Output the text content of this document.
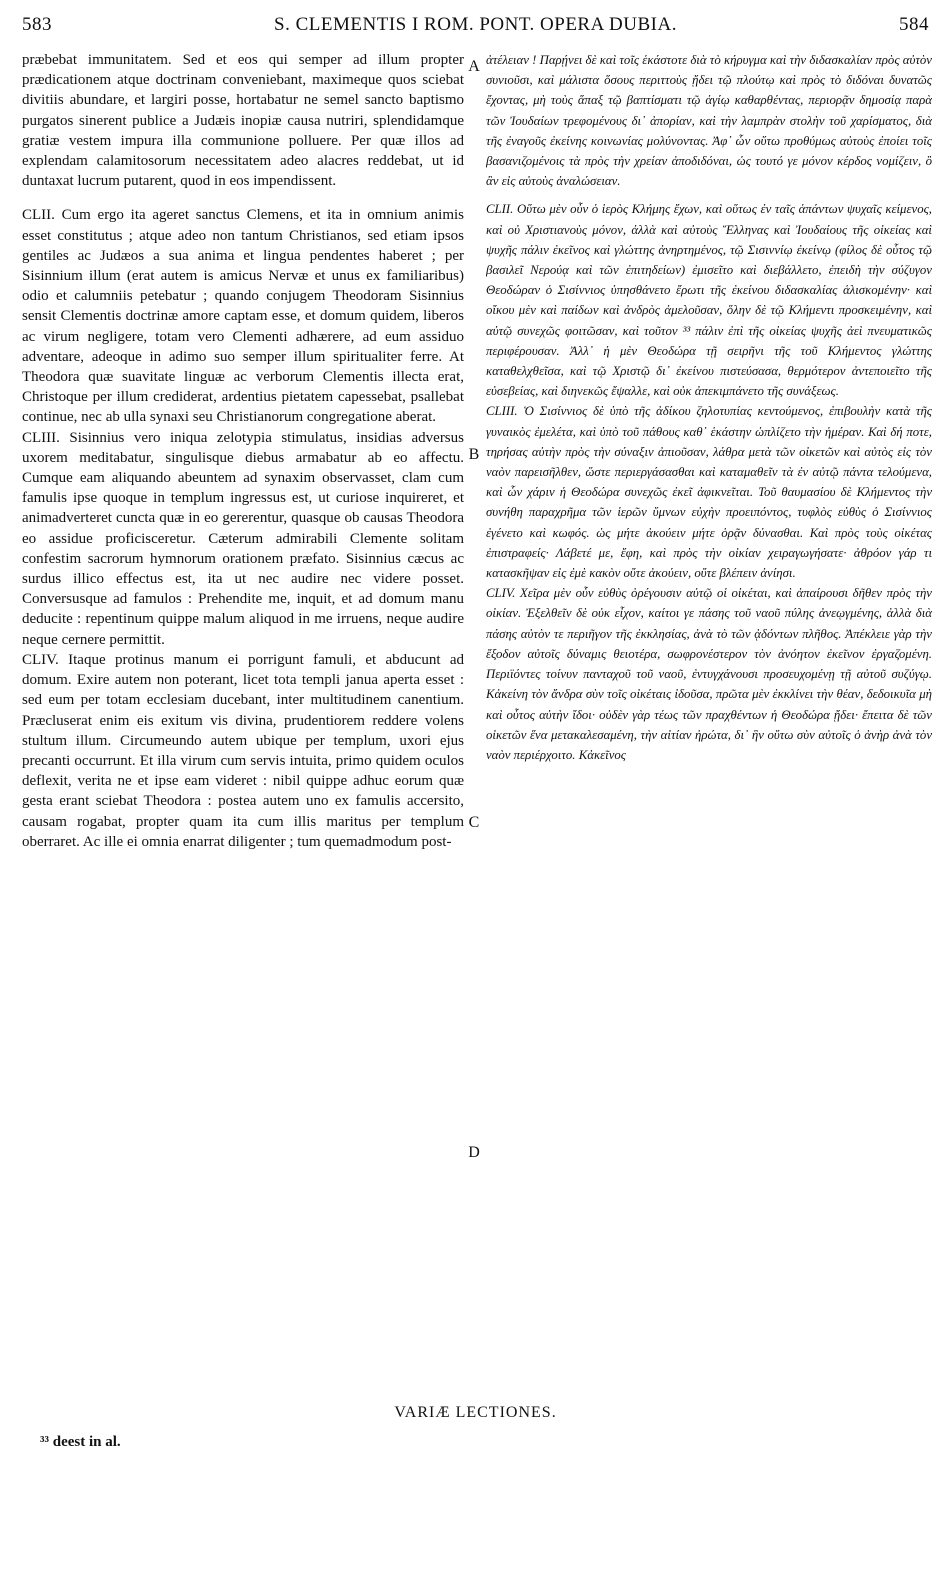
583	S. CLEMENTIS I ROM. PONT. OPERA DUBIA.	584

præbebat immunitatem. Sed et eos qui semper ad illum propter prædicationem atque doctrinam conveniebant, maximeque quos sciebat divitiis abundare, et largiri posse, hortabatur ne semel sancto baptismo purgatos sinerent publice a Judæis inopiæ causa nutriri, splendidamque gratiæ vestem impura illa communione polluere. Per quæ illos ad explendam calamitosorum necessitatem adeo alacres reddebat, ut id duntaxat lucrum putarent, quod in eos impendissent.

CLII. Cum ergo ita ageret sanctus Clemens, et ita in omnium animis esset constitutus ; atque adeo non tantum Christianos, sed etiam ipsos gentiles ac Judæos a sua anima et lingua pendentes haberet ; per Sisinnium illum (erat autem is amicus Nervæ et unus ex familiaribus) odio et calumniis petebatur ; quando conjugem Theodoram Sisinnius sensit Clementis doctrinæ amore captam esse, et domum quidem, liberos ac virum negligere, totam vero Clementi adhærere, ad eum assiduo adventare, adeoque in adimo suo semper illum spiritualiter ferre. At Theodora quæ suavitate linguæ ac verborum Clementis illecta erat, Christoque per illum crediderat, ardentius pietatem capessebat, psallebat continue, nec ab ulla synaxi seu Christianorum congregatione aberat.

CLIII. Sisinnius vero iniqua zelotypia stimulatus, insidias adversus uxorem meditabatur, singulisque diebus armabatur ab eo affectu. Cumque eam aliquando abeuntem ad synaxim observasset, clam cum famulis ipse quoque in templum ingressus est, ut curiose inquireret, et animadverteret cuncta quæ in eo gererentur, quasque ob causas Theodora eo assidue proficisceretur. Cæterum admirabili Clemente solitam confestim sacrorum hymnorum orationem præfato. Sisinnius cæcus ac surdus illico effectus est, ita ut nec audire nec videre posset. Conversusque ad famulos : Prehendite me, inquit, et ad domum manu deducite : repentinum quippe malum aliquod in me irruens, neque audire neque cernere permittit.

CLIV. Itaque protinus manum ei porrigunt famuli, et abducunt ad domum. Exire autem non poterant, licet tota templi janua aperta esset : sed eum per totam ecclesiam ducebant, inter multitudinem canentium. Præcluserat enim eis exitum vis divina, prudentiorem reddere volens stultum illum. Circumeundo autem ubique per templum, uxori ejus precanti occurrunt. Et illa virum cum servis intuita, primo quidem oculos deflexit, verita ne et ipse eam videret : nibil quippe adhuc eorum quæ gesta erant sciebat Theodora : postea autem uno ex famulis accersito, causam rogabat, propter quam ita cum illis maritus per templum oberraret. Ac ille ei omnia enarrat diligenter ; tum quemadmodum post-

A
B
C
D

ἀτέλειαν ! Παρῄνει δὲ καὶ τοῖς ἑκάστοτε διὰ τὸ κήρυγμα καὶ τὴν διδασκαλίαν πρὸς αὐτὸν συνιοῦσι, καὶ μάλιστα ὅσους περιττοὺς ᾔδει τῷ πλούτῳ καὶ πρὸς τὸ διδόναι δυνατῶς ἔχοντας, μὴ τοὺς ἅπαξ τῷ βαπτίσματι τῷ ἁγίῳ καθαρθέντας, περιορᾷν δημοσίᾳ παρὰ τῶν Ἰουδαίων τρεφομένους δι᾽ ἀπορίαν, καὶ τὴν λαμπρὰν στολὴν τοῦ χαρίσματος, διὰ τῆς ἐναγοῦς ἐκείνης κοινωνίας μολύνοντας. Ἀφ᾽ ὧν οὕτω προθύμως αὐτοὺς ἐποίει τοῖς βασανιζομένοις τὰ πρὸς τὴν χρείαν ἀποδιδόναι, ὡς τουτό γε μόνον κέρδος νομίζειν, ὃ ἂν εἰς αὐτοὺς ἀναλώσειαν.

CLII. Οὕτω μὲν οὖν ὁ ἱερὸς Κλήμης ἔχων, καὶ οὕτως ἐν ταῖς ἁπάντων ψυχαῖς κείμενος, καὶ οὐ Χριστιανοὺς μόνον, ἀλλὰ καὶ αὐτοὺς Ἕλληνας καὶ Ἰουδαίους τῆς οἰκείας καὶ ψυχῆς πάλιν ἐκεῖνος καὶ γλώττης ἀνηρτημένος, τῷ Σισιννίῳ ἐκείνῳ (φίλος δὲ οὗτος τῷ βασιλεῖ Νερούᾳ καὶ τῶν ἐπιτηδείων) ἐμισεῖτο καὶ διεβάλλετο, ἐπειδὴ τὴν σύζυγον Θεοδώραν ὁ Σισίννιος ὑπησθάνετο ἔρωτι τῆς ἐκείνου διδασκαλίας ἁλισκομένην· καὶ οἴκου μὲν καὶ παίδων καὶ ἀνδρὸς ἀμελοῦσαν, ὅλην δὲ τῷ Κλήμεντι προσκειμένην, καὶ αὐτῷ συνεχῶς φοιτῶσαν, καὶ τοῦτον ³³ πάλιν ἐπὶ τῆς οἰκείας ψυχῆς ἀεὶ πνευματικῶς περιφέρουσαν. Ἀλλ᾽ ἡ μὲν Θεοδώρα τῇ σειρῆνι τῆς τοῦ Κλήμεντος γλώττης καταθελχθεῖσα, καὶ τῷ Χριστῷ δι᾽ ἐκείνου πιστεύσασα, θερμότερον ἀντεποιεῖτο τῆς εὐσεβείας, καὶ διηνεκῶς ἔψαλλε, καὶ οὐκ ἀπεκιμπάνετο τῆς συνάξεως.

CLIII. Ὁ Σισίννιος δὲ ὑπὸ τῆς ἀδίκου ζηλοτυπίας κεντούμενος, ἐπιβουλὴν κατὰ τῆς γυναικὸς ἐμελέτα, καὶ ὑπὸ τοῦ πάθους καθ᾽ ἑκάστην ὡπλίζετο τὴν ἡμέραν. Καὶ δή ποτε, τηρήσας αὐτὴν πρὸς τὴν σύναξιν ἀπιοῦσαν, λάθρα μετὰ τῶν οἰκετῶν καὶ αὐτὸς εἰς τὸν ναὸν παρεισῆλθεν, ὥστε περιεργάσασθαι καὶ καταμαθεῖν τὰ ἐν αὐτῷ πάντα τελούμενα, καὶ ὧν χάριν ἡ Θεοδώρα συνεχῶς ἐκεῖ ἀφικνεῖται. Τοῦ θαυμασίου δὲ Κλήμεντος τὴν συνήθη παραχρῆμα τῶν ἱερῶν ὕμνων εὐχὴν προειπόντος, τυφλὸς εὐθὺς ὁ Σισίννιος ἐγένετο καὶ κωφός. ὡς μήτε ἀκούειν μήτε ὁρᾷν δύνασθαι. Καὶ πρὸς τοὺς οἰκέτας ἐπιστραφείς· Λάβετέ με, ἔφη, καὶ πρὸς τὴν οἰκίαν χειραγωγήσατε· ἀθρόον γάρ τι κατασκῆψαν εἰς ἐμὲ κακὸν οὔτε ἀκούειν, οὔτε βλέπειν ἀνίησι.

CLIV. Χεῖρα μὲν οὖν εὐθὺς ὀρέγουσιν αὐτῷ οἱ οἰκέται, καὶ ἀπαίρουσι δῆθεν πρὸς τὴν οἰκίαν. Ἐξελθεῖν δὲ οὐκ εἶχον, καίτοι γε πάσης τοῦ ναοῦ πύλης ἀνεῳγμένης, ἀλλὰ διὰ πάσης αὐτὸν τε περιῆγον τῆς ἐκκλησίας, ἀνὰ τὸ τῶν ᾀδόντων πλῆθος. Ἀπέκλειε γὰρ τὴν ἔξοδον αὐτοῖς δύναμις θειοτέρα, σωφρονέστερον τὸν ἀνόητον ἐκεῖνον ἐργαζομένη. Περιϊόντες τοίνυν πανταχοῦ τοῦ ναοῦ, ἐντυγχάνουσι προσευχομένῃ τῇ αὐτοῦ συζύγῳ. Κἀκείνη τὸν ἄνδρα σὺν τοῖς οἰκέταις ἰδοῦσα, πρῶτα μὲν ἐκκλίνει τὴν θέαν, δεδοικυῖα μὴ καὶ οὗτος αὐτὴν ἴδοι· οὐδὲν γὰρ τέως τῶν πραχθέντων ἡ Θεοδώρα ᾔδει· ἔπειτα δὲ τῶν οἰκετῶν ἕνα μετακαλεσαμένη, τὴν αἰτίαν ἠρώτα, δι᾽ ἣν οὕτω σὺν αὐτοῖς ὁ ἀνὴρ ἀνὰ τὸν ναὸν περιέρχοιτο. Κἀκεῖνος

VARIÆ LECTIONES.
³³ deest in al.
